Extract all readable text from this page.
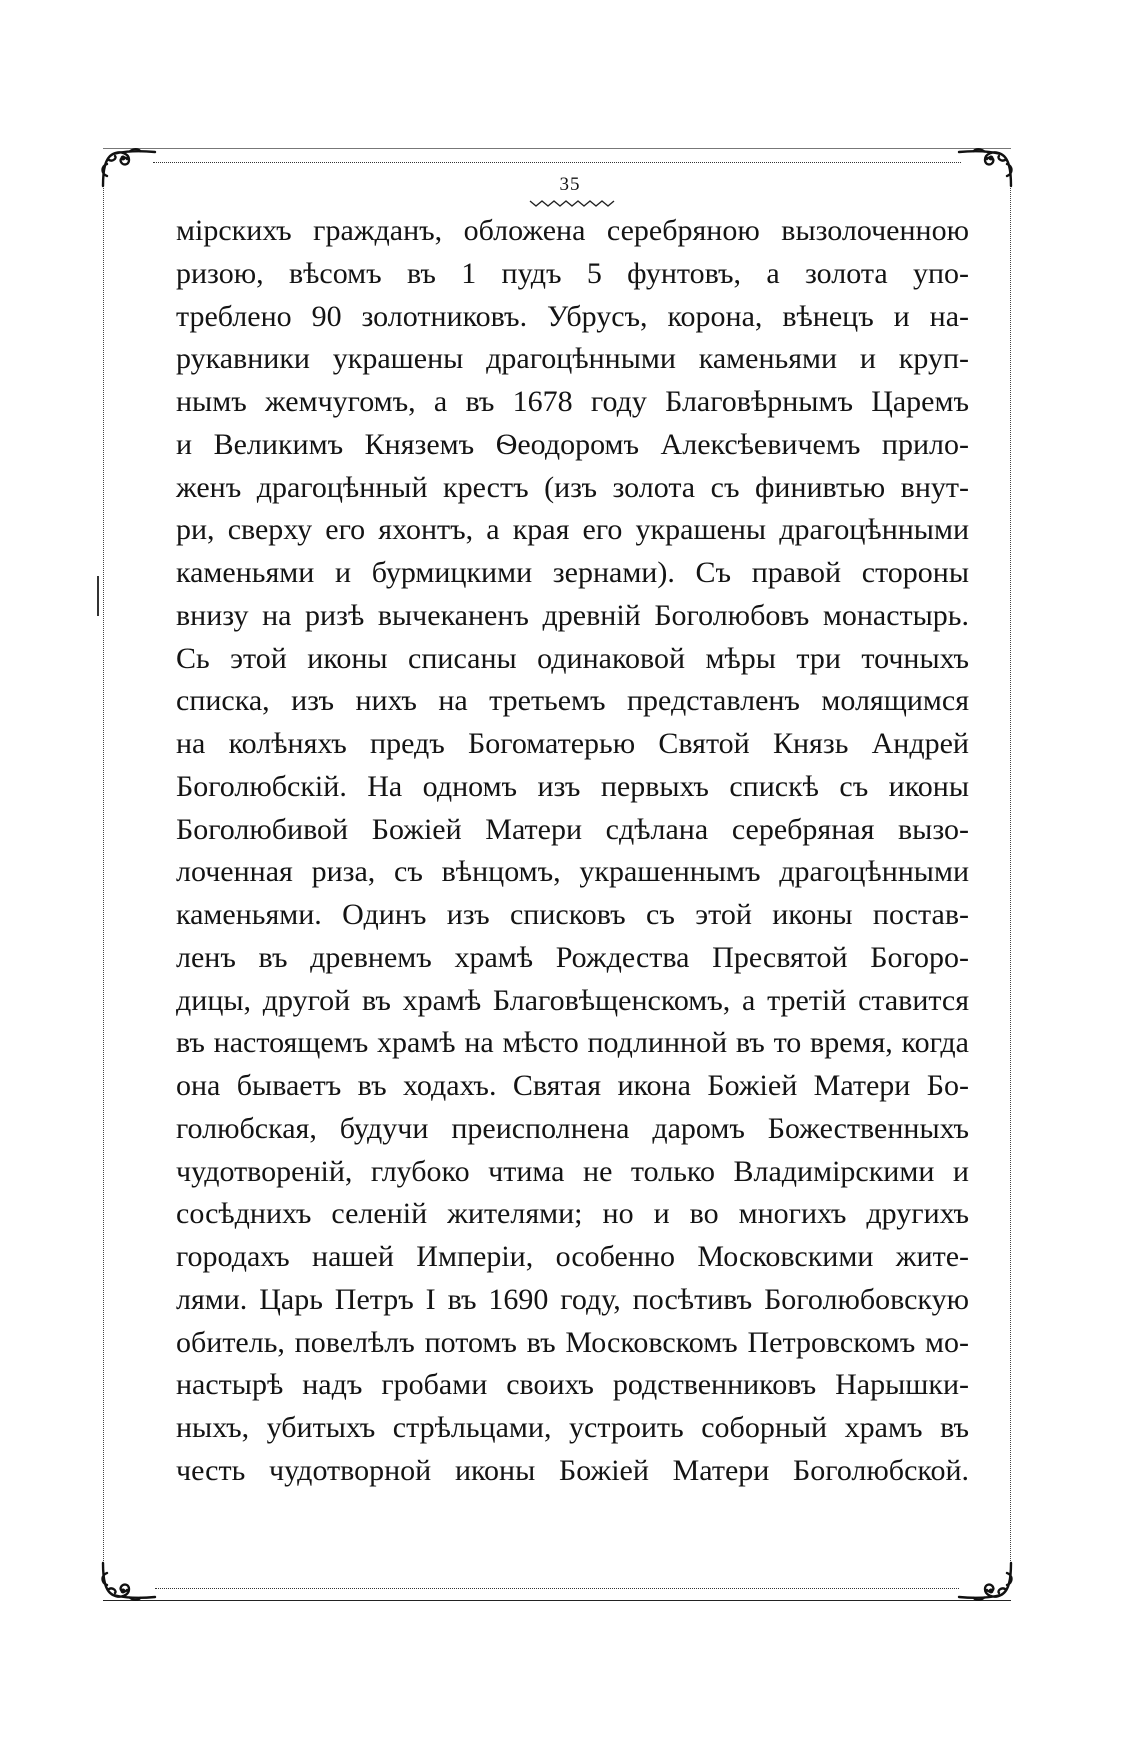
35
мірскихъ гражданъ, обложена серебряною вызолоченною
ризою, вѣсомъ въ 1 пудъ 5 фунтовъ, а золота упо-
треблено 90 золотниковъ. Убрусъ, корона, вѣнецъ и на-
рукавники украшены драгоцѣнными каменьями и круп-
нымъ жемчугомъ, а въ 1678 году Благовѣрнымъ Царемъ
и Великимъ Княземъ Ѳеодоромъ Алексѣевичемъ прило-
женъ драгоцѣнный крестъ (изъ золота съ финивтью внут-
ри, сверху его яхонтъ, а края его украшены драгоцѣнными
каменьями и бурмицкими зернами). Съ правой стороны
внизу на ризѣ вычеканенъ древній Боголюбовъ монастырь.
Сь этой иконы списаны одинаковой мѣры три точныхъ
списка, изъ нихъ на третьемъ представленъ молящимся
на колѣняхъ предъ Богоматерью Святой Князь Андрей
Боголюбскій. На одномъ изъ первыхъ спискѣ съ иконы
Боголюбивой Божіей Матери сдѣлана серебряная вызо-
лоченная риза, съ вѣнцомъ, украшеннымъ драгоцѣнными
каменьями. Одинъ изъ списковъ съ этой иконы постав-
ленъ въ древнемъ храмѣ Рождества Пресвятой Богоро-
дицы, другой въ храмѣ Благовѣщенскомъ, а третій ставится
въ настоящемъ храмѣ на мѣсто подлинной въ то время, когда
она бываетъ въ ходахъ. Святая икона Божіей Матери Бо-
голюбская, будучи преисполнена даромъ Божественныхъ
чудотвореній, глубоко чтима не только Владимірскими и
сосѣднихъ селеній жителями; но и во многихъ другихъ
городахъ нашей Имперіи, особенно Московскими жите-
лями. Царь Петръ I въ 1690 году, посѣтивъ Боголюбовскую
обитель, повелѣлъ потомъ въ Московскомъ Петровскомъ мо-
настырѣ надъ гробами своихъ родственниковъ Нарышки-
ныхъ, убитыхъ стрѣльцами, устроить соборный храмъ въ
честь чудотворной иконы Божіей Матери Боголюбской.
